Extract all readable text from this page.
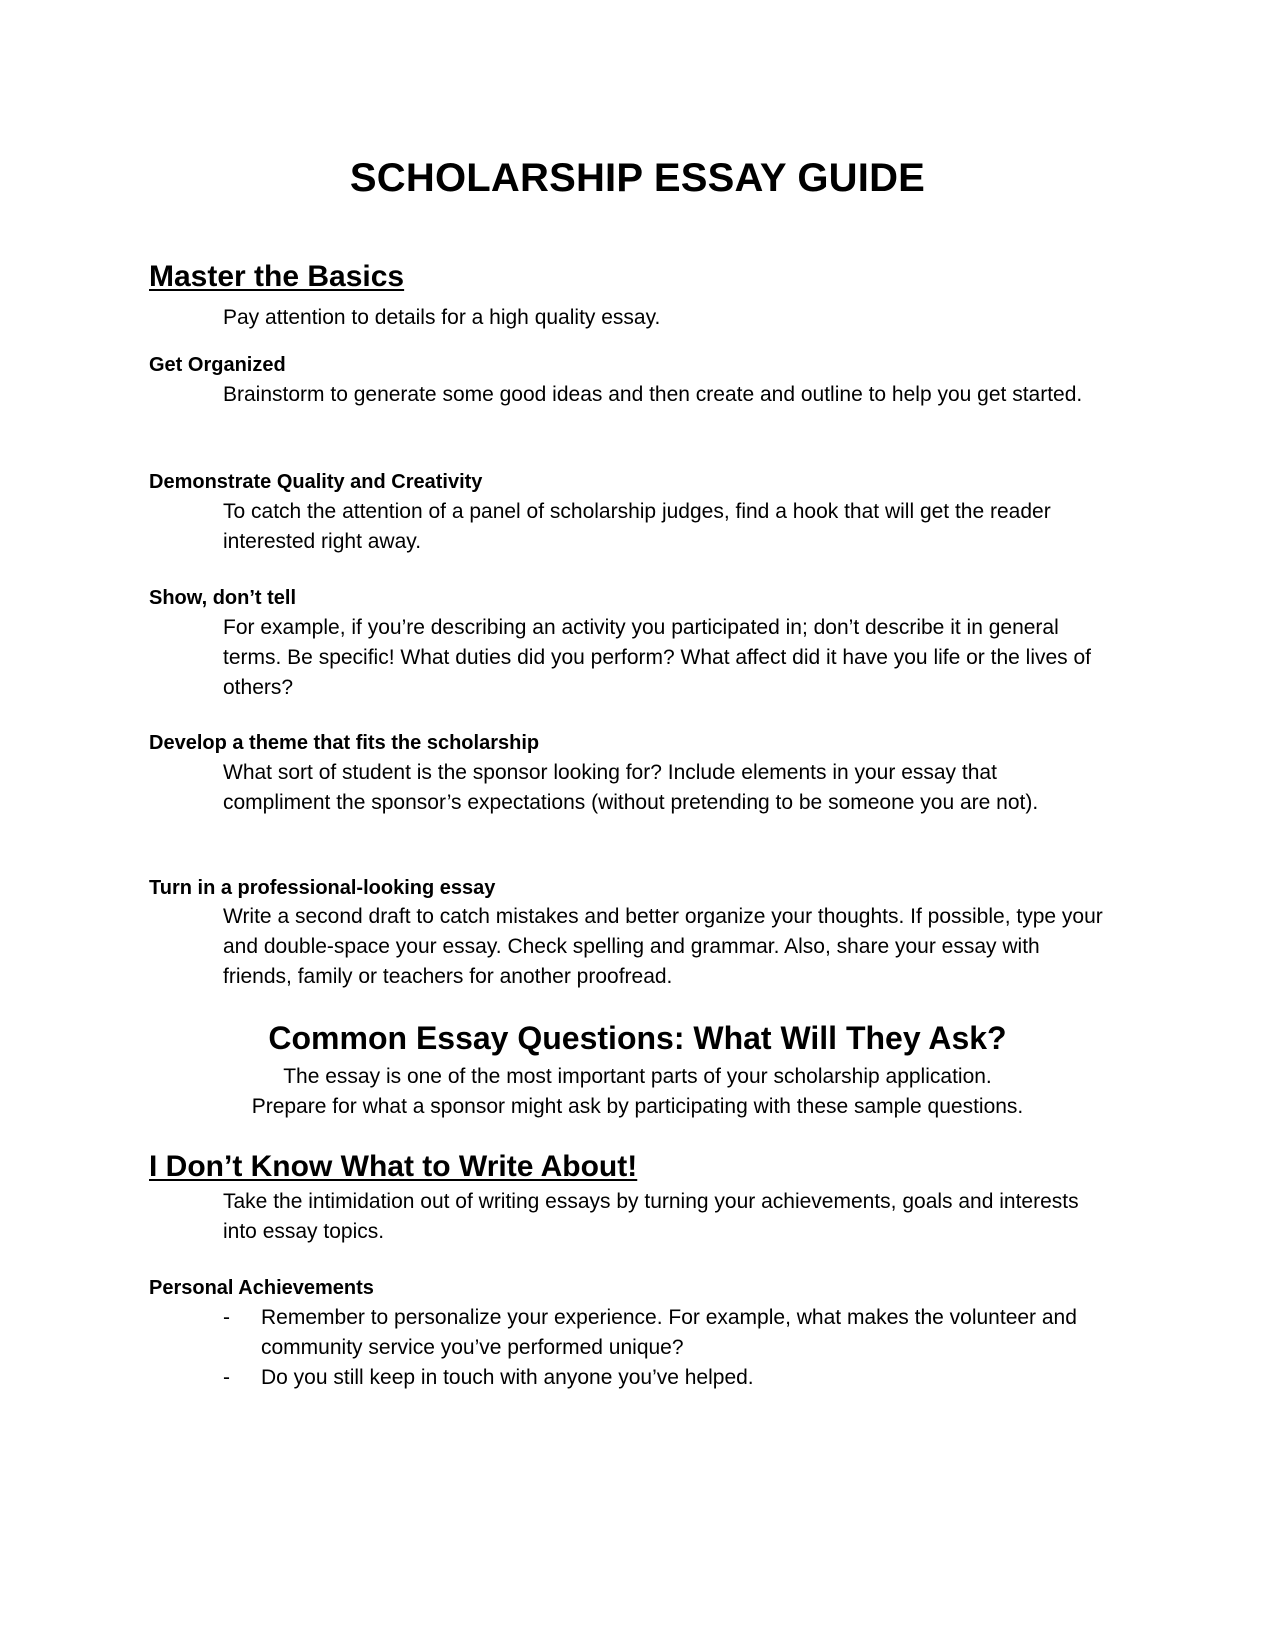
SCHOLARSHIP ESSAY GUIDE
Master the Basics
Pay attention to details for a high quality essay.
Get Organized
Brainstorm to generate some good ideas and then create and outline to help you get started.
Demonstrate Quality and Creativity
To catch the attention of a panel of scholarship judges, find a hook that will get the reader interested right away.
Show, don’t tell
For example, if you’re describing an activity you participated in; don’t describe it in general terms. Be specific! What duties did you perform? What affect did it have you life or the lives of others?
Develop a theme that fits the scholarship
What sort of student is the sponsor looking for? Include elements in your essay that compliment the sponsor’s expectations (without pretending to be someone you are not).
Turn in a professional-looking essay
Write a second draft to catch mistakes and better organize your thoughts. If possible, type your and double-space your essay. Check spelling and grammar. Also, share your essay with friends, family or teachers for another proofread.
Common Essay Questions: What Will They Ask?
The essay is one of the most important parts of your scholarship application.
Prepare for what a sponsor might ask by participating with these sample questions.
I Don’t Know What to Write About!
Take the intimidation out of writing essays by turning your achievements, goals and interests into essay topics.
Personal Achievements
- Remember to personalize your experience. For example, what makes the volunteer and community service you’ve performed unique?
- Do you still keep in touch with anyone you’ve helped.
